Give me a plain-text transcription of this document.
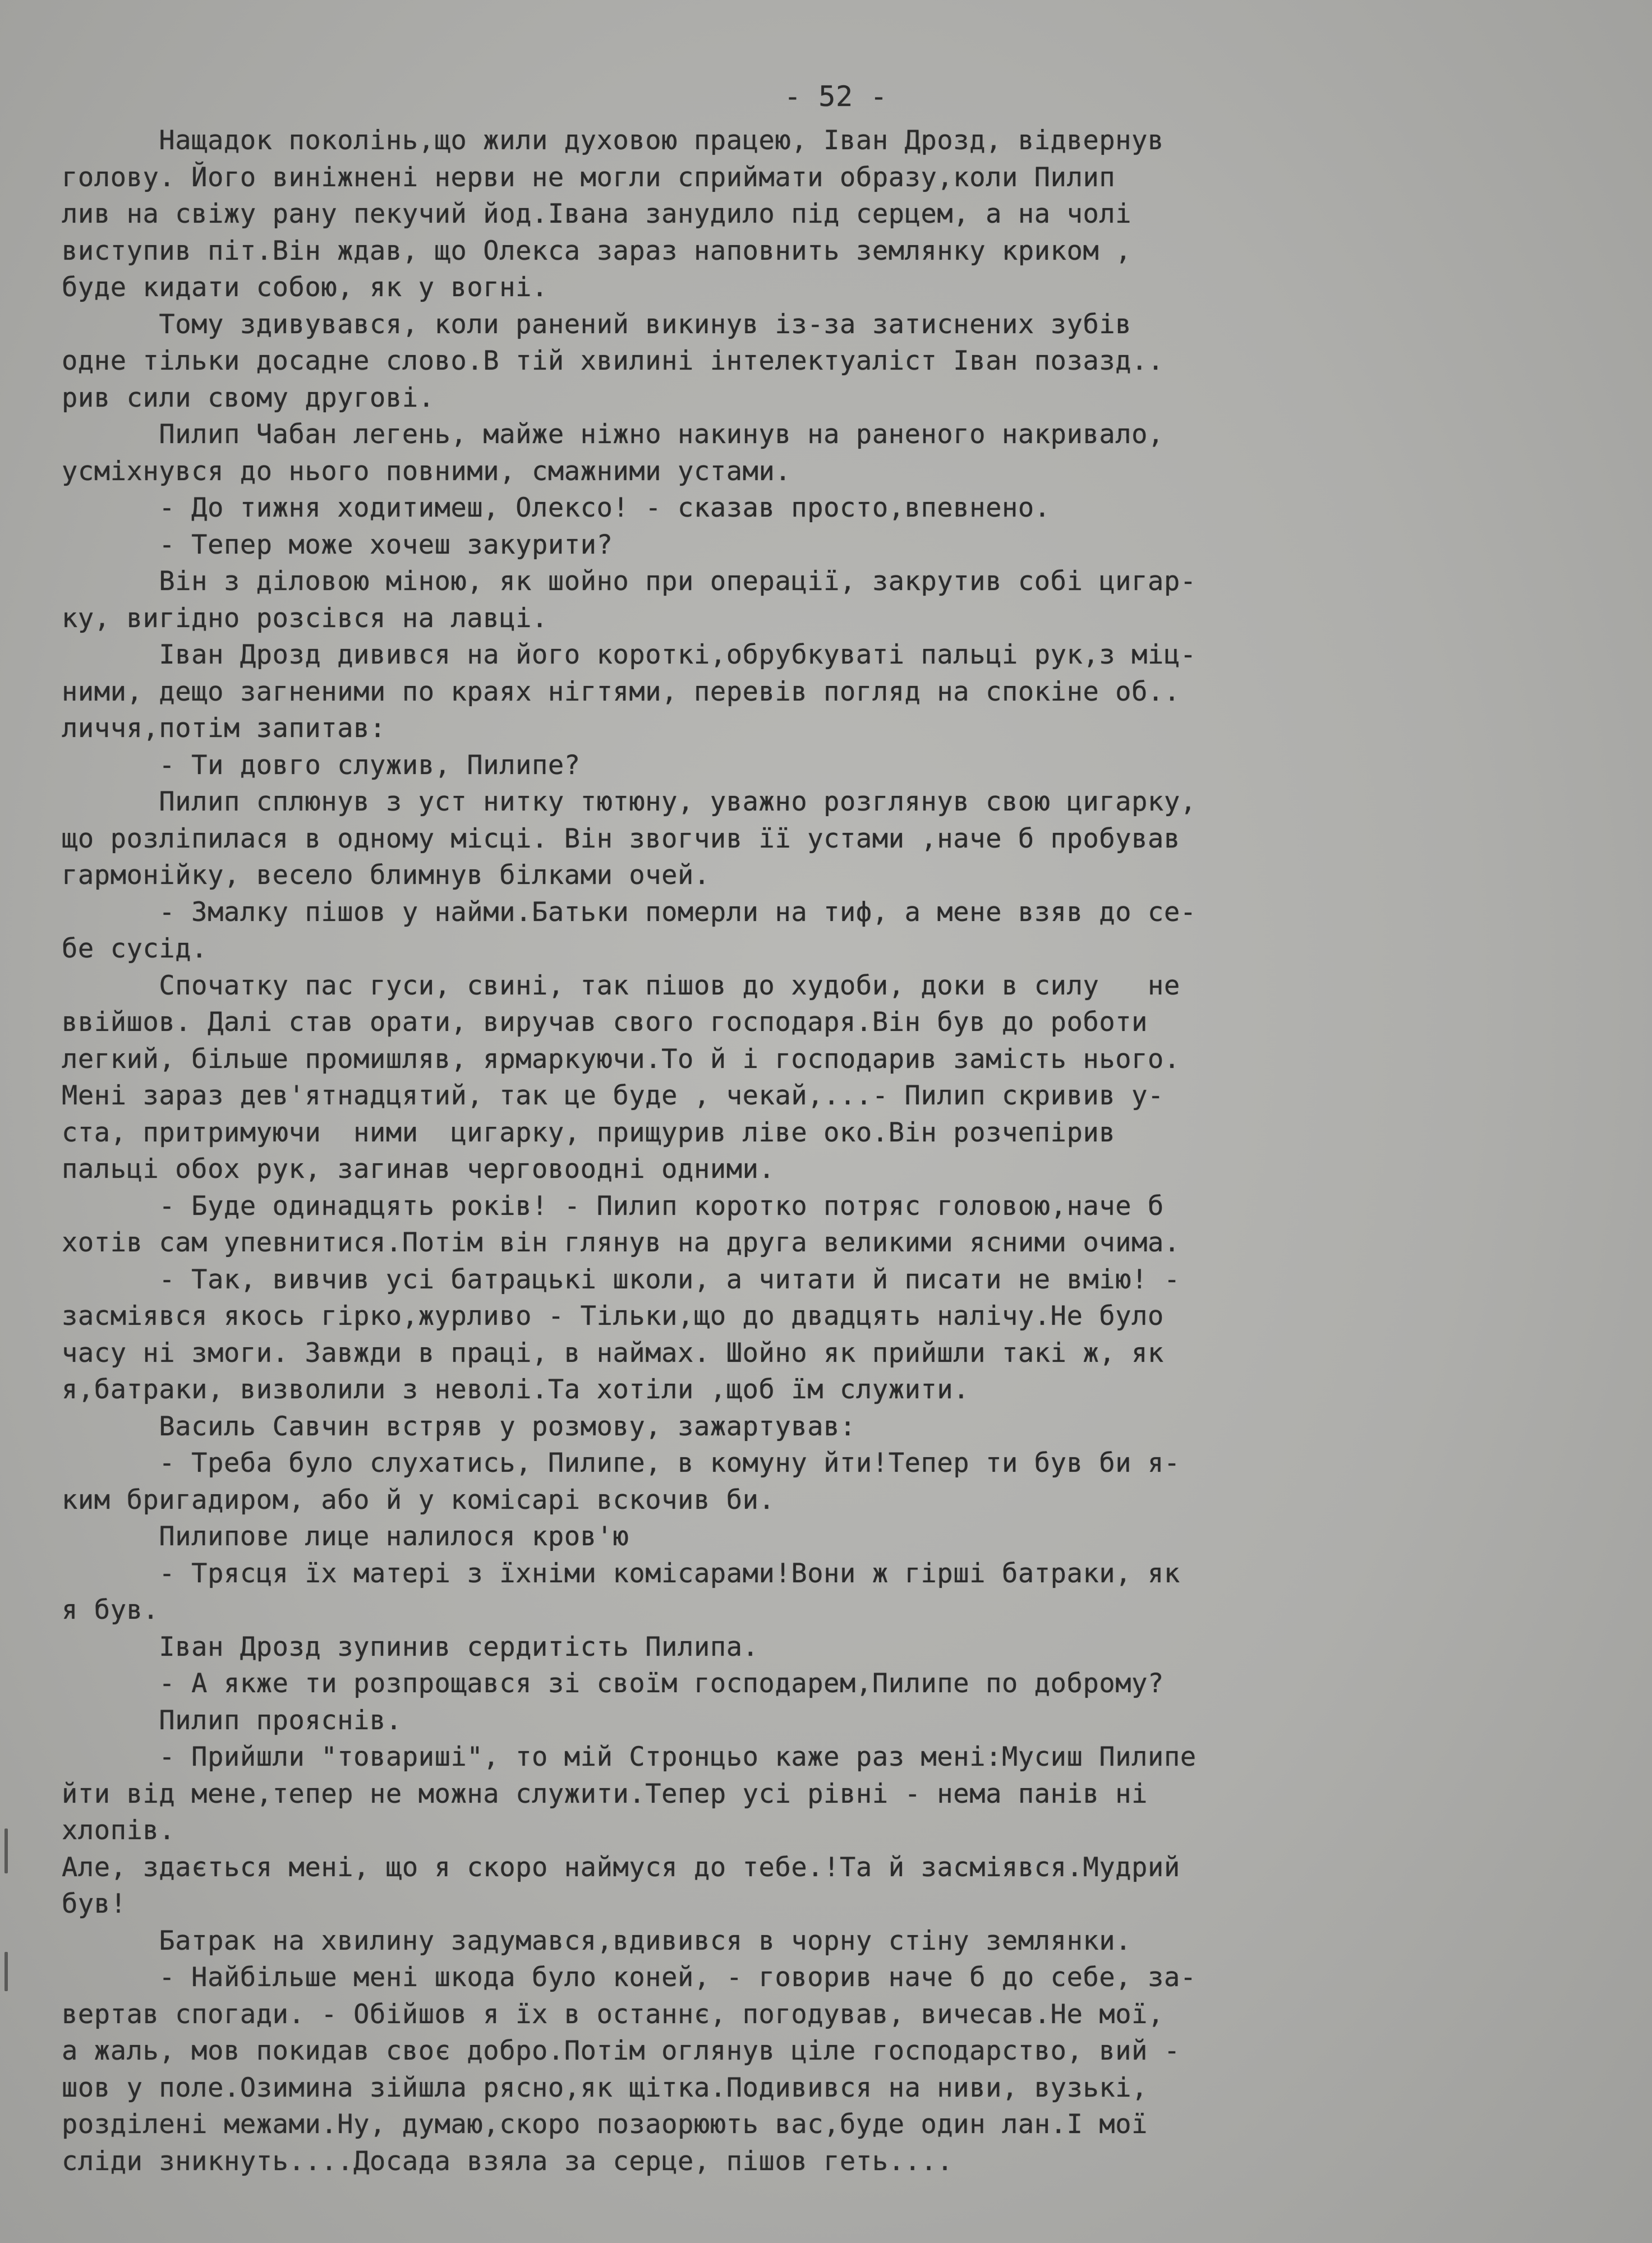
- 52 -
Нащадок поколінь,що жили духовою працею, Іван Дрозд, відвернув
голову. Його виніжнені нерви не могли сприймати образу,коли Пилип
лив на свіжу рану пекучий йод.Івана занудило під серцем, а на чолі
виступив піт.Він ждав, що Олекса зараз наповнить землянку криком ,
буде кидати собою, як у вогні.
Тому здивувався, коли ранений викинув із-за затиснених зубів
одне тільки досадне слово.В тій хвилині інтелектуаліст Іван позазд..
рив сили свому другові.
Пилип Чабан легень, майже ніжно накинув на раненого накривало,
усміхнувся до нього повними, смажними устами.
- До тижня ходитимеш, Олексо! - сказав просто,впевнено.
- Тепер може хочеш закурити?
Він з діловою міною, як шойно при операції, закрутив собі цигар-
ку, вигідно розсівся на лавці.
Іван Дрозд дивився на його короткі,обрубкуваті пальці рук,з міц-
ними, дещо загненими по краях нігтями, перевів погляд на спокіне об..
личчя,потім запитав:
- Ти довго служив, Пилипе?
Пилип сплюнув з уст нитку тютюну, уважно розглянув свою цигарку,
що розліпилася в одному місці. Він звогчив її устами ,наче б пробував
гармонійку, весело блимнув білками очей.
- Змалку пішов у найми.Батьки померли на тиф, а мене взяв до се-
бе сусід.
Спочатку пас гуси, свині, так пішов до худоби, доки в силу   не
ввійшов. Далі став орати, виручав свого господаря.Він був до роботи
легкий, більше промишляв, ярмаркуючи.То й і господарив замість нього.
Мені зараз дев'ятнадцятий, так це буде , чекай,...- Пилип скривив у-
ста, притримуючи  ними  цигарку, прищурив ліве око.Він розчепірив
пальці обох рук, загинав черговоодні одними.
- Буде одинадцять років! - Пилип коротко потряс головою,наче б
хотів сам упевнитися.Потім він глянув на друга великими ясними очима.
- Так, вивчив усі батрацькі школи, а читати й писати не вмію! -
засміявся якось гірко,журливо - Тільки,що до двадцять налічу.Не було
часу ні змоги. Завжди в праці, в наймах. Шойно як прийшли такі ж, як
я,батраки, визволили з неволі.Та хотіли ,щоб їм служити.
Василь Савчин встряв у розмову, зажартував:
- Треба було слухатись, Пилипе, в комуну йти!Тепер ти був би я-
ким бригадиром, або й у комісарі вскочив би.
Пилипове лице налилося кров'ю
- Трясця їх матері з їхніми комісарами!Вони ж гірші батраки, як
я був.
Іван Дрозд зупинив сердитість Пилипа.
- А якже ти розпрощався зі своїм господарем,Пилипе по доброму?
Пилип прояснів.
- Прийшли "товариші", то мій Стронцьо каже раз мені:Мусиш Пилипе
йти від мене,тепер не можна служити.Тепер усі рівні - нема панів ні
хлопів.
Але, здається мені, що я скоро наймуся до тебе.!Та й засміявся.Мудрий
був!
Батрак на хвилину задумався,вдивився в чорну стіну землянки.
- Найбільше мені шкода було коней, - говорив наче б до себе, за-
вертав спогади. - Обійшов я їх в останнє, погодував, вичесав.Не мої,
а жаль, мов покидав своє добро.Потім оглянув ціле господарство, вий -
шов у поле.Озимина зійшла рясно,як щітка.Подивився на ниви, вузькі,
розділені межами.Ну, думаю,скоро позаорюють вас,буде один лан.І мої
сліди зникнуть....Досада взяла за серце, пішов геть....
